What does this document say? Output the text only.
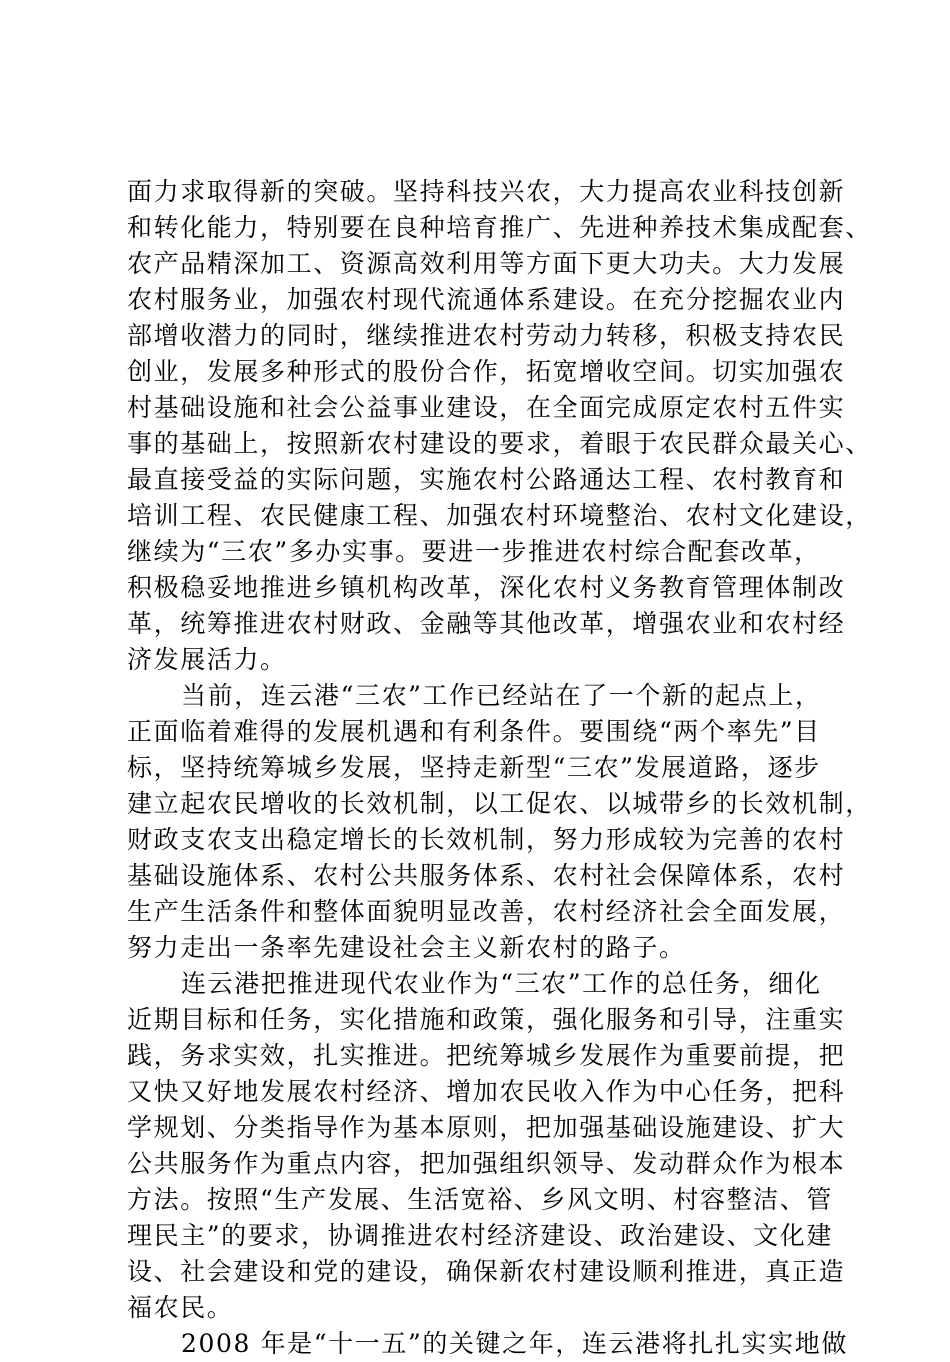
面力求取得新的突破。坚持科技兴农，大力提高农业科技创新
和转化能力，特别要在良种培育推广、先进种养技术集成配套、
农产品精深加工、资源高效利用等方面下更大功夫。大力发展
农村服务业，加强农村现代流通体系建设。在充分挖掘农业内
部增收潜力的同时，继续推进农村劳动力转移，积极支持农民
创业，发展多种形式的股份合作，拓宽增收空间。切实加强农
村基础设施和社会公益事业建设，在全面完成原定农村五件实
事的基础上，按照新农村建设的要求，着眼于农民群众最关心、
最直接受益的实际问题，实施农村公路通达工程、农村教育和
培训工程、农民健康工程、加强农村环境整治、农村文化建设，
继续为“三农”多办实事。要进一步推进农村综合配套改革，
积极稳妥地推进乡镇机构改革，深化农村义务教育管理体制改
革，统筹推进农村财政、金融等其他改革，增强农业和农村经
济发展活力。
当前，连云港“三农”工作已经站在了一个新的起点上，
正面临着难得的发展机遇和有利条件。要围绕“两个率先”目
标，坚持统筹城乡发展，坚持走新型“三农”发展道路，逐步
建立起农民增收的长效机制，以工促农、以城带乡的长效机制，
财政支农支出稳定增长的长效机制，努力形成较为完善的农村
基础设施体系、农村公共服务体系、农村社会保障体系，农村
生产生活条件和整体面貌明显改善，农村经济社会全面发展，
努力走出一条率先建设社会主义新农村的路子。
连云港把推进现代农业作为“三农”工作的总任务，细化
近期目标和任务，实化措施和政策，强化服务和引导，注重实
践，务求实效，扎实推进。把统筹城乡发展作为重要前提，把
又快又好地发展农村经济、增加农民收入作为中心任务，把科
学规划、分类指导作为基本原则，把加强基础设施建设、扩大
公共服务作为重点内容，把加强组织领导、发动群众作为根本
方法。按照“生产发展、生活宽裕、乡风文明、村容整洁、管
理民主”的要求，协调推进农村经济建设、政治建设、文化建
设、社会建设和党的建设，确保新农村建设顺利推进，真正造
福农民。
2008 年是“十一五”的关键之年，连云港将扎扎实实地做
